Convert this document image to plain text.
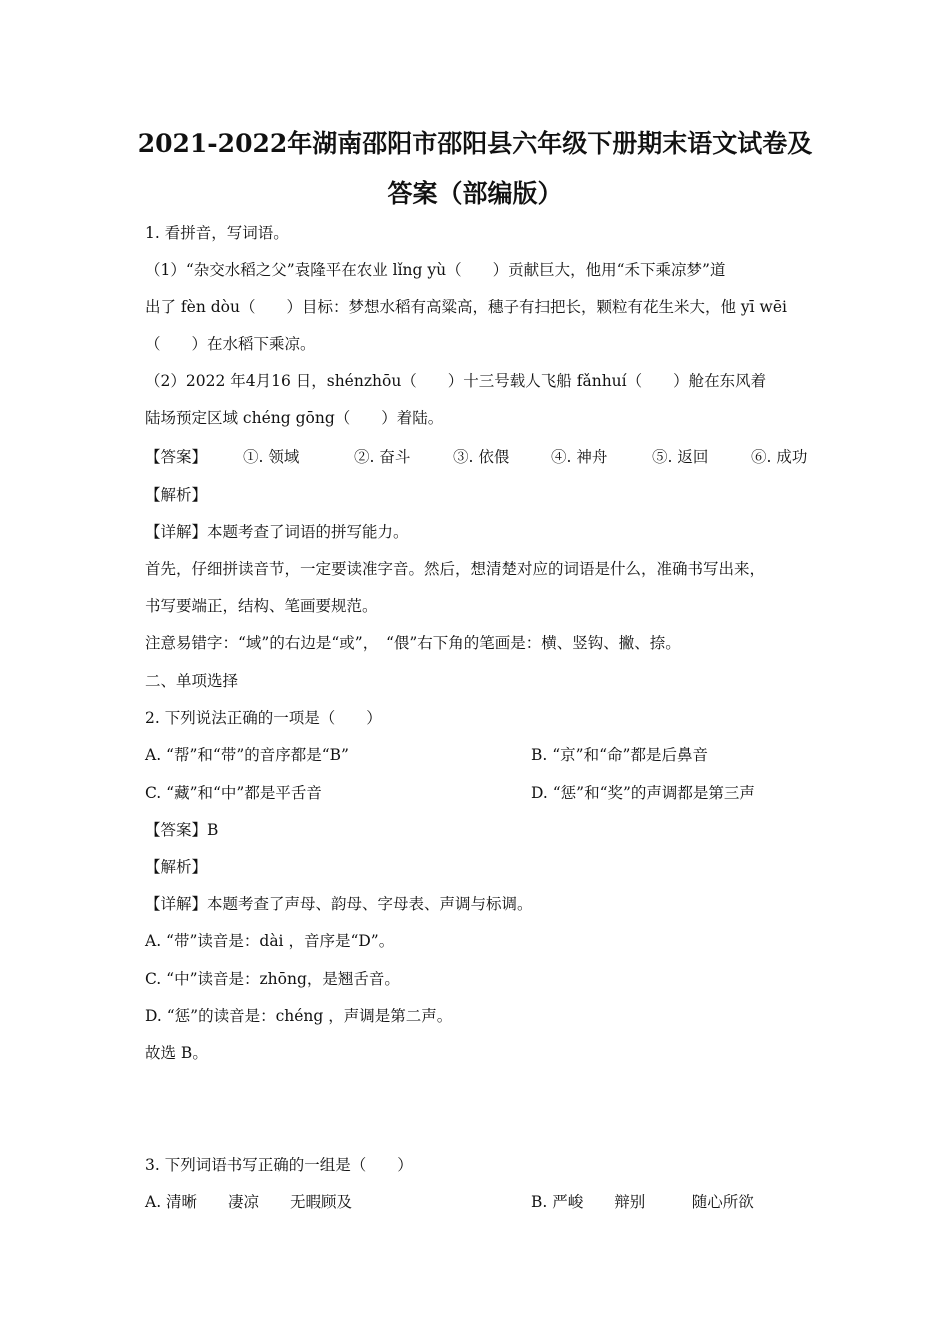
2021-2022年湖南邵阳市邵阳县六年级下册期末语文试卷及
答案（部编版）
1. 看拼音，写词语。
（1）“杂交水稻之父”袁隆平在农业 lǐng yù（　　）贡献巨大，他用“禾下乘凉梦”道
出了 fèn dòu（　　）目标：梦想水稻有高粱高，穗子有扫把长，颗粒有花生米大，他 yī wēi
（　　）在水稻下乘凉。
（2）2022 年4月16 日，shénzhōu（　　）十三号载人飞船 fǎnhuí（　　）舱在东风着
陆场预定区域 chéng gōng（　　）着陆。
【答案】 ①. 领域	②. 奋斗	③. 依偎	④. 神舟	⑤. 返回	⑥. 成功
【解析】
【详解】本题考查了词语的拼写能力。
首先，仔细拼读音节，一定要读准字音。然后，想清楚对应的词语是什么，准确书写出来，
书写要端正，结构、笔画要规范。
注意易错字：“域”的右边是“或”，　“偎”右下角的笔画是：横、竖钩、撇、捺。
二、单项选择
2. 下列说法正确的一项是（　　）
A. “帮”和“带”的音序都是“B”	B. “京”和“命”都是后鼻音
C. “藏”和“中”都是平舌音	D. “惩”和“奖”的声调都是第三声
【答案】B
【解析】
【详解】本题考查了声母、韵母、字母表、声调与标调。
A. “带”读音是：dài ，音序是“D”。
C. “中”读音是：zhōng，是翘舌音。
D. “惩”的读音是：chéng ，声调是第二声。
故选 B。
3. 下列词语书写正确的一组是（　　）
A. 清晰　　凄凉　　无暇顾及	B. 严峻　　辩别　　　随心所欲
